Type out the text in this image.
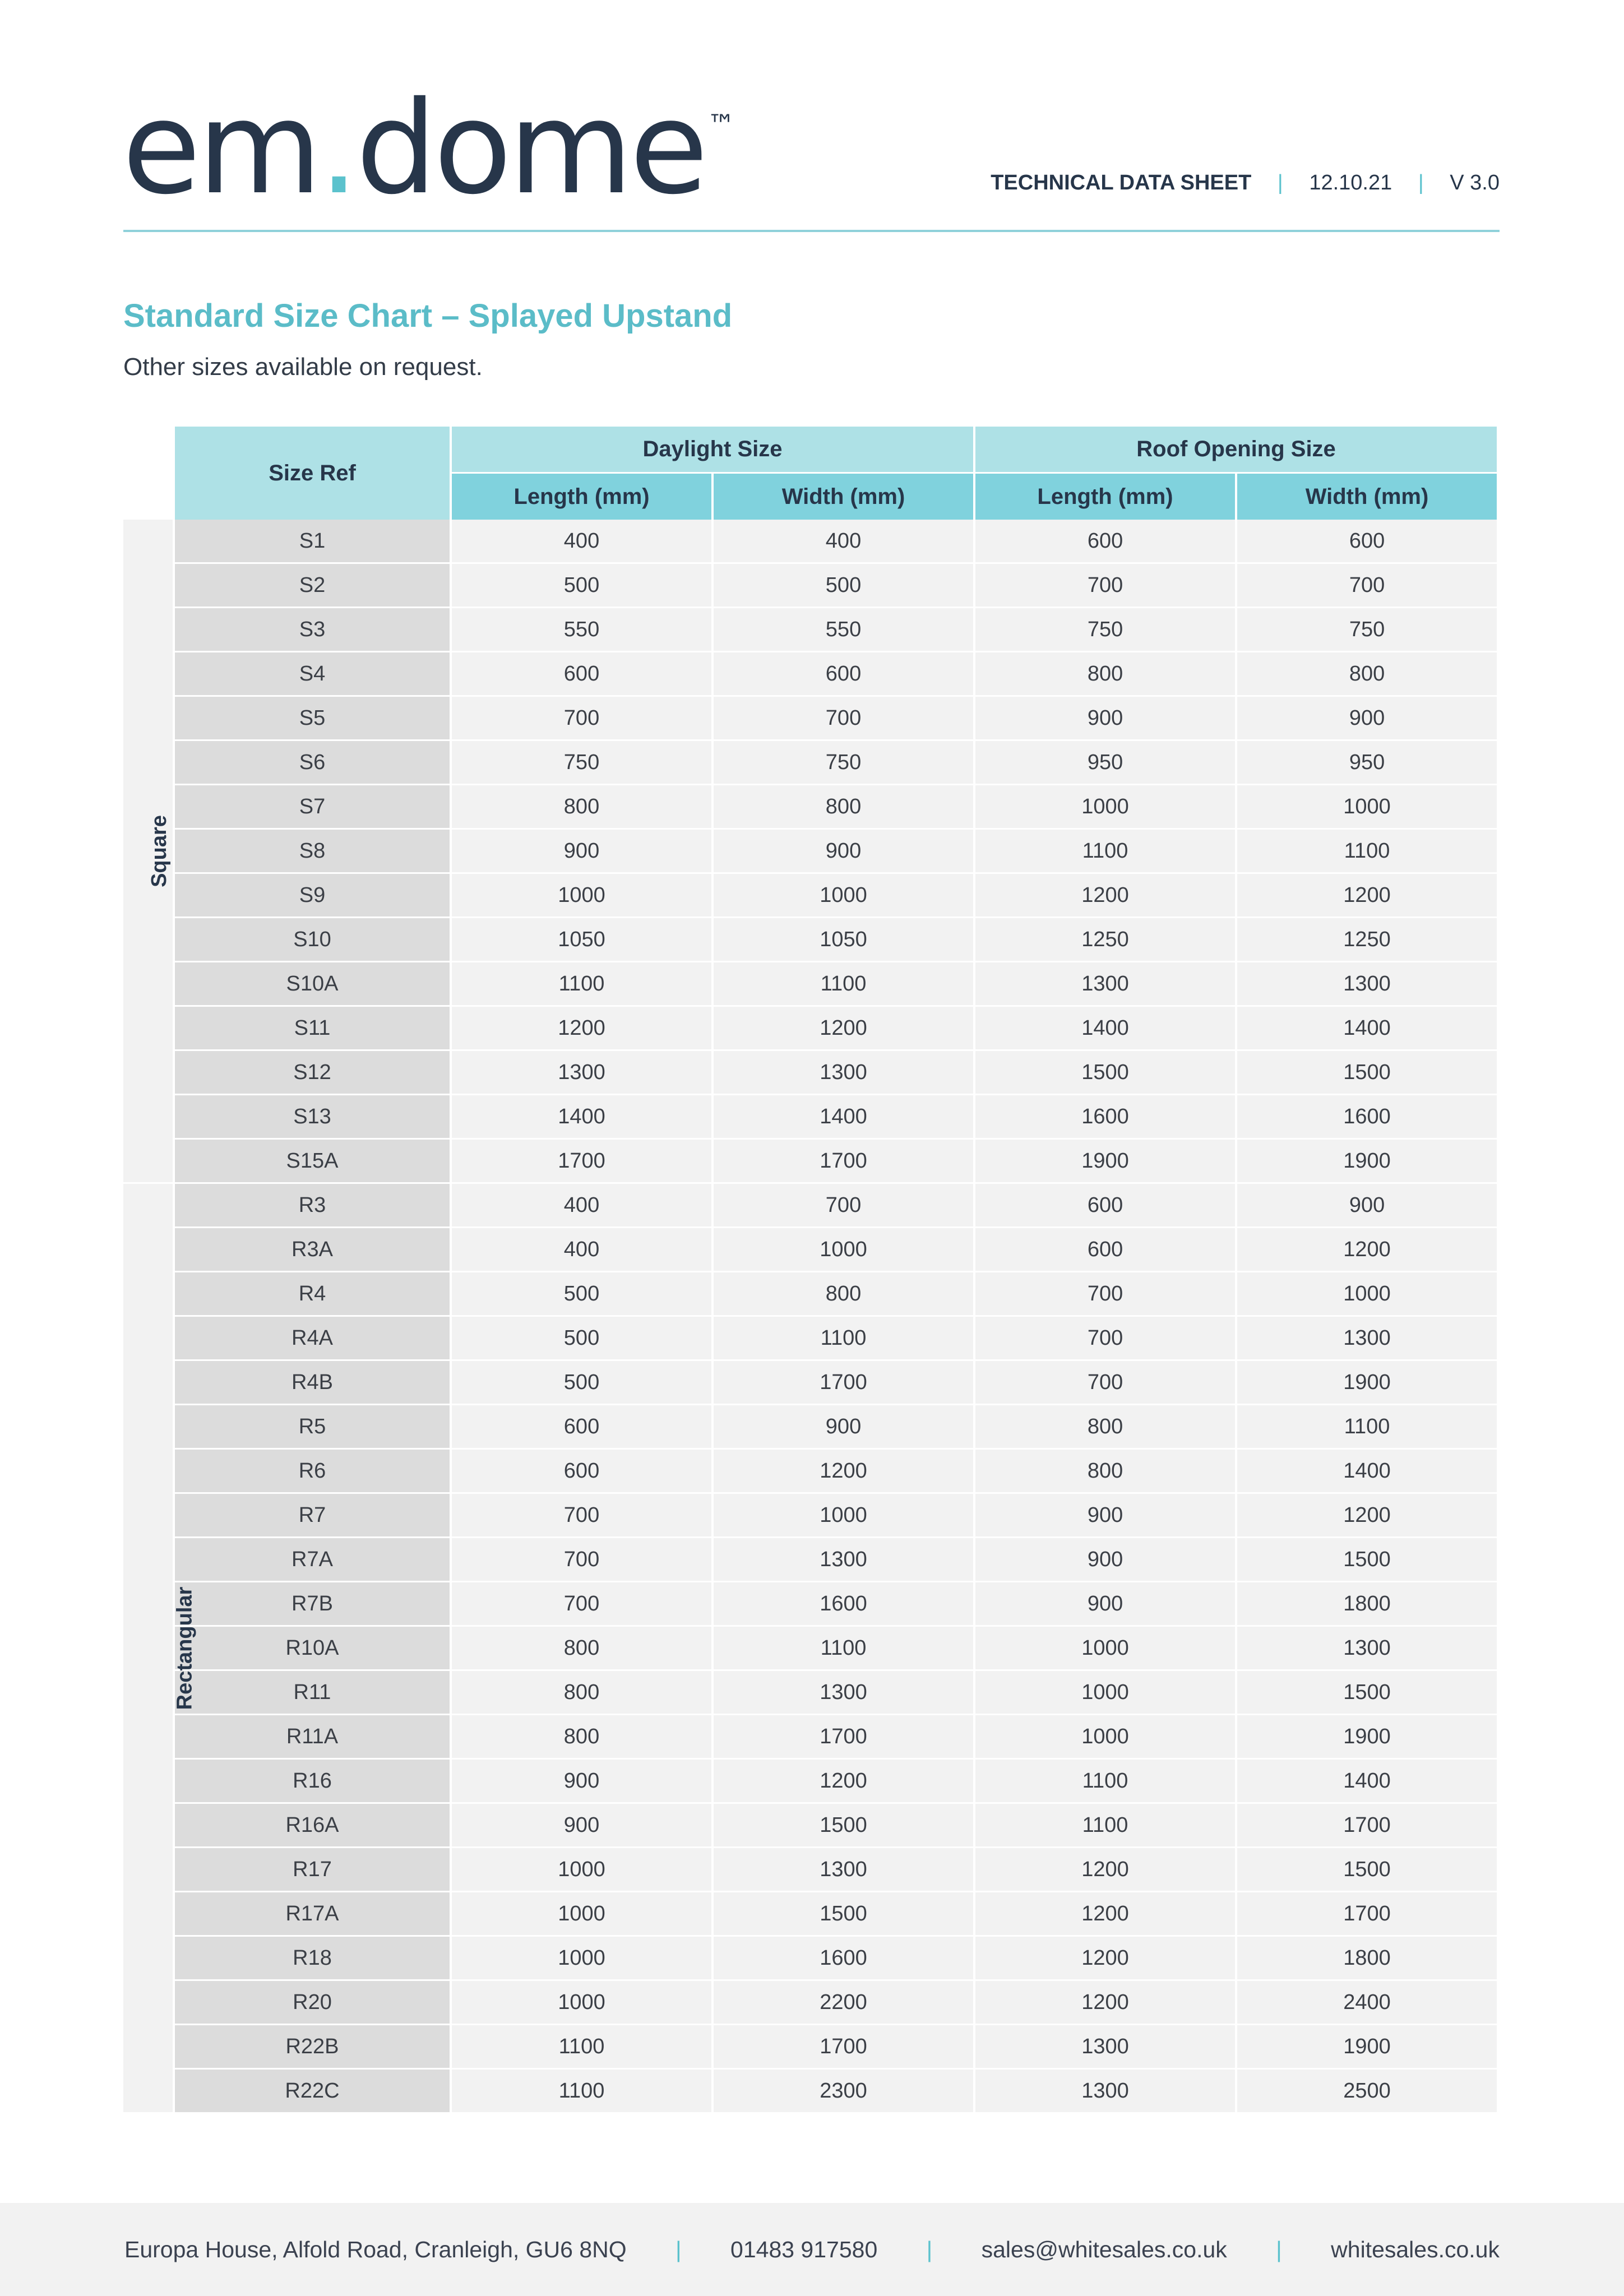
em.dome™
TECHNICAL DATA SHEET | 12.10.21 | V 3.0
Standard Size Chart – Splayed Upstand
Other sizes available on request.
	Size Ref	Daylight Size		Roof Opening Size	
		Length (mm)	Width (mm)	Length (mm)	Width (mm)
Square	S1	400	400	600	600
	S2	500	500	700	700
	S3	550	550	750	750
	S4	600	600	800	800
	S5	700	700	900	900
	S6	750	750	950	950
	S7	800	800	1000	1000
	S8	900	900	1100	1100
	S9	1000	1000	1200	1200
	S10	1050	1050	1250	1250
	S10A	1100	1100	1300	1300
	S11	1200	1200	1400	1400
	S12	1300	1300	1500	1500
	S13	1400	1400	1600	1600
	S15A	1700	1700	1900	1900
Rectangular	R3	400	700	600	900
	R3A	400	1000	600	1200
	R4	500	800	700	1000
	R4A	500	1100	700	1300
	R4B	500	1700	700	1900
	R5	600	900	800	1100
	R6	600	1200	800	1400
	R7	700	1000	900	1200
	R7A	700	1300	900	1500
	R7B	700	1600	900	1800
	R10A	800	1100	1000	1300
	R11	800	1300	1000	1500
	R11A	800	1700	1000	1900
	R16	900	1200	1100	1400
	R16A	900	1500	1100	1700
	R17	1000	1300	1200	1500
	R17A	1000	1500	1200	1700
	R18	1000	1600	1200	1800
	R20	1000	2200	1200	2400
	R22B	1100	1700	1300	1900
	R22C	1100	2300	1300	2500
Europa House, Alfold Road, Cranleigh, GU6 8NQ | 01483 917580 | sales@whitesales.co.uk | whitesales.co.uk
